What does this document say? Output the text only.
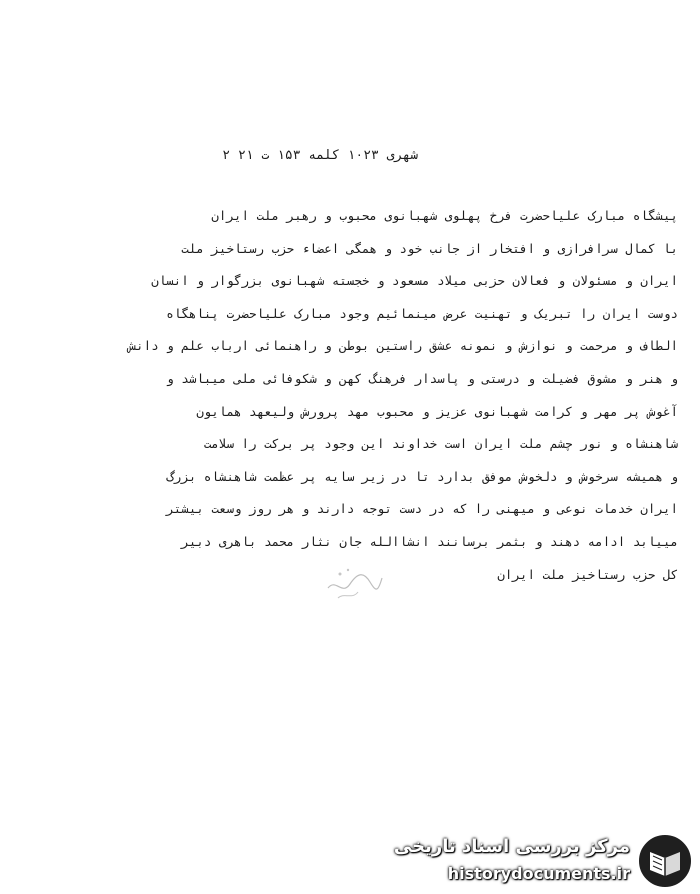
شهری ۱۰۲۳ کلمه ۱۵۳ ت ۲۱ ۲
پیشگاه مبارک علیاحضرت فرخ پهلوی شهبانوی محبوب و رهبر ملت ایران
با کمال سرافرازی و افتخار از جانب خود و همگی اعضاء حزب رستاخیز ملت
ایران و مسئولان و فعالان حزبی میلاد مسعود و خجسته شهبانوی بزرگوار و انسان
دوست ایران را تبریک و تهنیت عرض مینمائیم وجود مبارک علیاحضرت پناهگاه
الطاف و مرحمت و نوازش و نمونه عشق راستین بوطن و راهنمائی ارباب علم و دانش
و هنر و مشوق فضیلت و درستی و پاسدار فرهنگ کهن و شکوفائی ملی میباشد و
آغوش پر مهر و کرامت شهبانوی عزیز و محبوب مهد پرورش ولیعهد همایون
شاهنشاه و نور چشم ملت ایران است خداوند این وجود پر برکت را سلامت
و همیشه سرخوش و دلخوش موفق بدارد تا در زیر سایه پر عظمت شاهنشاه بزرگ
ایران خدمات نوعی و میهنی را که در دست توجه دارند و هر روز وسعت بیشتر
مییابد ادامه دهند و بثمر برسانند انشاالله جان نثار محمد باهری دبیر
کل حزب رستاخیز ملت ایران
مرکز بررسی اسناد تاریخی
historydocuments.ir
